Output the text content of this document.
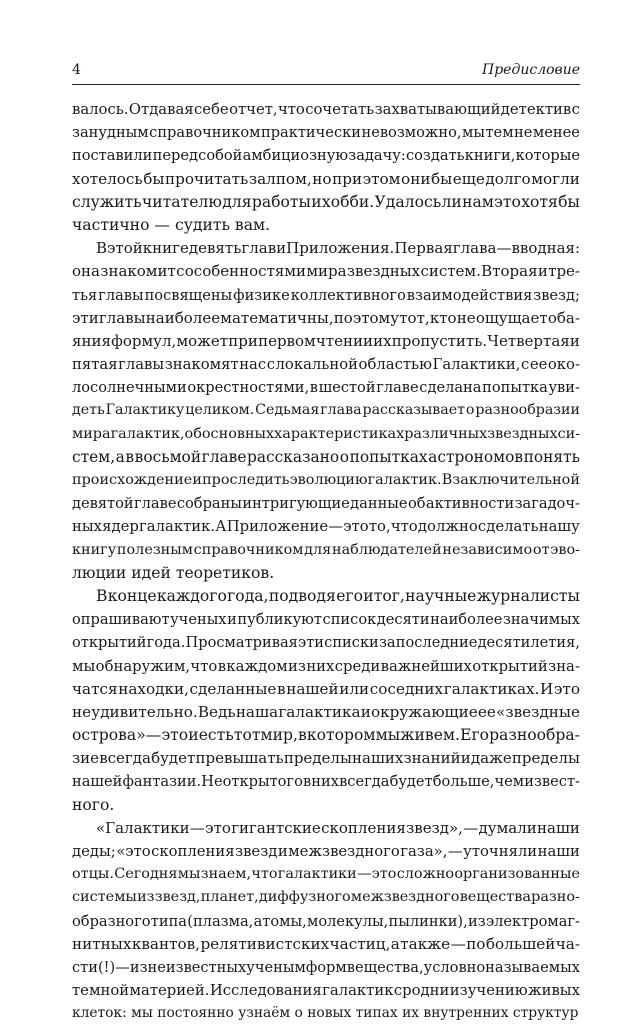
4	Предисловие
валось. Отдавая себе отчет, что сочетать захватывающий детектив с
занудным справочником практически невозможно, мы тем не менее
поставили перед собой амбициозную задачу: создать книги, которые
хотелось бы прочитать залпом, но при этом они бы еще долго могли
служить читателю для работы и хобби. Удалось ли нам это хотя бы
частично — судить вам.
В этой книге девять глав и Приложения. Первая глава — вводная:
она знакомит с особенностями мира звездных систем. Вторая и тре-
тья главы посвящены физике коллективного взаимодействия звезд;
эти главы наиболее математичны, поэтому тот, кто не ощущает оба-
яния формул, может при первом чтении их пропустить. Четвертая и
пятая главы знакомят нас с локальной областью Галактики, с ее око-
лосолнечными окрестностями, в шестой главе сделана попытка уви-
деть Галактику целиком. Седьмая глава рассказывает о разнообразии
мира галактик, об основных характеристиках различных звездных си-
стем, а в восьмой главе рассказано о попытках астрономов понять
происхождение и проследить эволюцию галактик. В заключительной
девятой главе собраны интригующие данные об активности загадоч-
ных ядер галактик. А Приложение — это то, что должно сделать нашу
книгу полезным справочником для наблюдателей независимо от эво-
люции идей теоретиков.
В конце каждого года, подводя его итог, научные журналисты
опрашивают ученых и публикуют список десяти наиболее значимых
открытий года. Просматривая эти списки за последние десятилетия,
мы обнаружим, что в каждом из них среди важнейших открытий зна-
чатся находки, сделанные в нашей или соседних галактиках. И это
не удивительно. Ведь наша галактика и окружающие ее «звездные
острова» — это и есть тот мир, в котором мы живем. Его разнообра-
зие всегда будет превышать пределы наших знаний и даже пределы
нашей фантазии. Неоткрытого в них всегда будет больше, чем извест-
ного.
«Галактики — это гигантские скопления звезд», — думали наши
деды; «это скопления звезд и межзвездного газа», — уточняли наши
отцы. Сегодня мы знаем, что галактики — это сложно организованные
системы из звезд, планет, диффузного межзвездного вещества разно-
образного типа (плазма, атомы, молекулы, пылинки), из электромаг-
нитных квантов, релятивистских частиц, а также — по большей ча-
сти (!) — из неизвестных ученым форм вещества, условно называемых
темной материей. Исследования галактик сродни изучению живых
клеток: мы постоянно узнаём о новых типах их внутренних структур
